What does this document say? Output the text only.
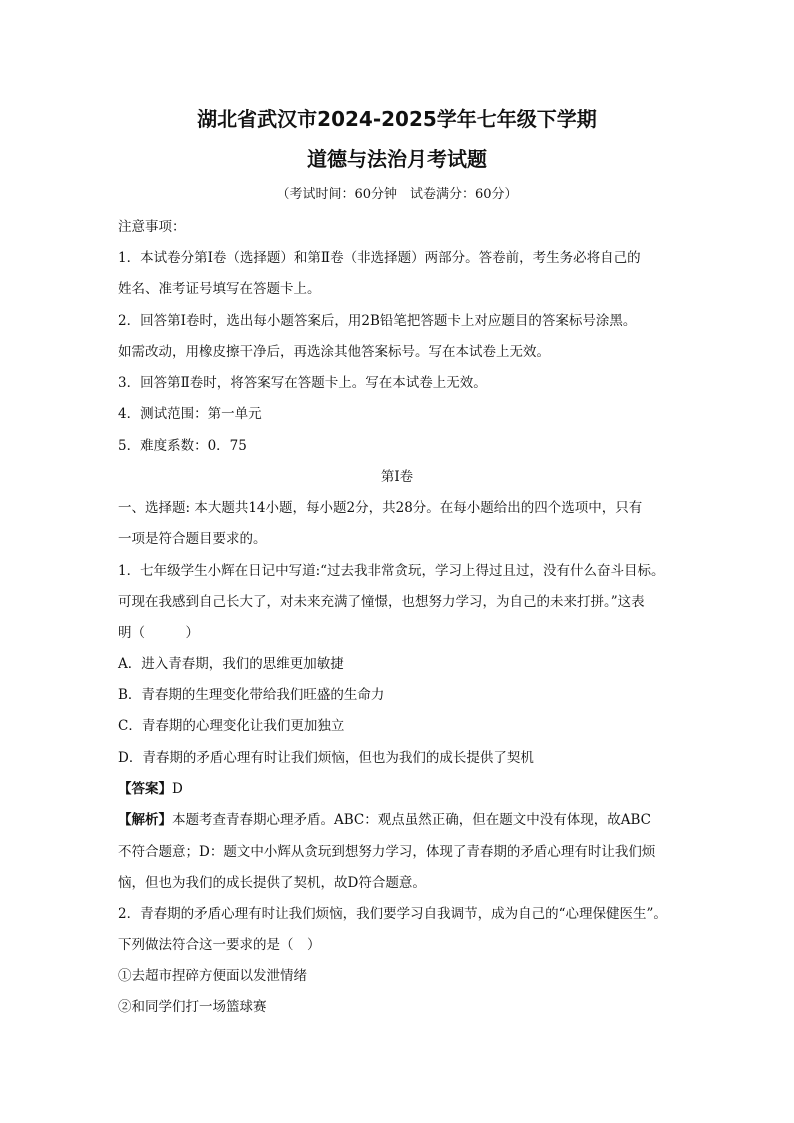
湖北省武汉市2024-2025学年七年级下学期
道德与法治月考试题
（考试时间：60分钟　试卷满分：60分）
注意事项：
1．本试卷分第Ⅰ卷（选择题）和第Ⅱ卷（非选择题）两部分。答卷前，考生务必将自己的
姓名、准考证号填写在答题卡上。
2．回答第Ⅰ卷时，选出每小题答案后，用2B铅笔把答题卡上对应题目的答案标号涂黑。
如需改动，用橡皮擦干净后，再选涂其他答案标号。写在本试卷上无效。
3．回答第Ⅱ卷时，将答案写在答题卡上。写在本试卷上无效。
4．测试范围：第一单元
5．难度系数：0．75
第Ⅰ卷
一、选择题: 本大题共14小题，每小题2分，共28分。在每小题给出的四个选项中，只有
一项是符合题目要求的。
1．七年级学生小辉在日记中写道:“过去我非常贪玩，学习上得过且过，没有什么奋斗目标。
可现在我感到自己长大了，对未来充满了憧憬，也想努力学习，为自己的未来打拼。”这表
明（　　　）
A．进入青春期，我们的思维更加敏捷
B．青春期的生理变化带给我们旺盛的生命力
C．青春期的心理变化让我们更加独立
D．青春期的矛盾心理有时让我们烦恼，但也为我们的成长提供了契机
【答案】D
【解析】本题考查青春期心理矛盾。ABC：观点虽然正确，但在题文中没有体现，故ABC
不符合题意；D：题文中小辉从贪玩到想努力学习，体现了青春期的矛盾心理有时让我们烦
恼，但也为我们的成长提供了契机，故D符合题意。
2．青春期的矛盾心理有时让我们烦恼，我们要学习自我调节，成为自己的“心理保健医生”。
下列做法符合这一要求的是（　）
①去超市捏碎方便面以发泄情绪
②和同学们打一场篮球赛
